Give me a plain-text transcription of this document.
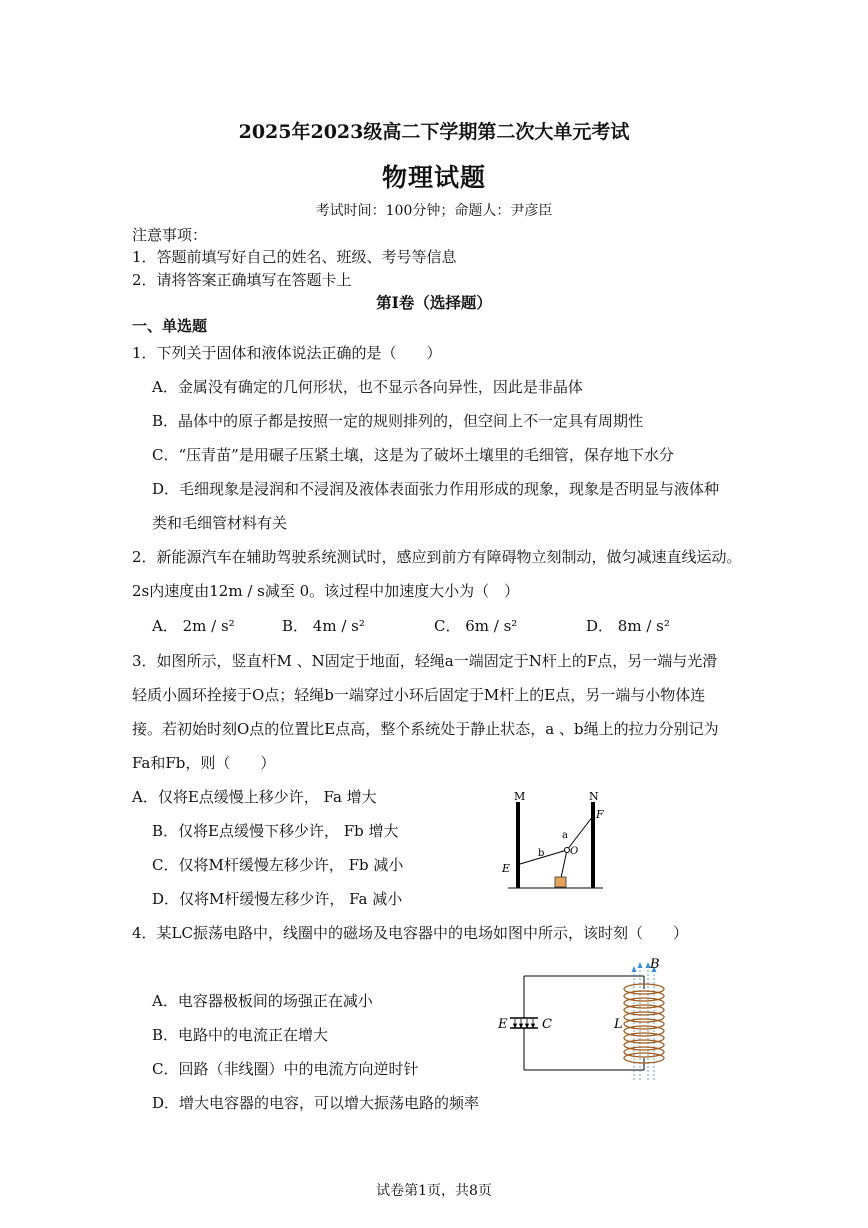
2025年2023级高二下学期第二次大单元考试
物理试题
考试时间：100分钟；命题人：尹彦臣
注意事项：
1．答题前填写好自己的姓名、班级、考号等信息
2．请将答案正确填写在答题卡上
第Ⅰ卷（选择题）
一、单选题
1．下列关于固体和液体说法正确的是（　　）
A．金属没有确定的几何形状，也不显示各向异性，因此是非晶体
B．晶体中的原子都是按照一定的规则排列的，但空间上不一定具有周期性
C．“压青苗”是用碾子压紧土壤，这是为了破坏土壤里的毛细管，保存地下水分
D．毛细现象是浸润和不浸润及液体表面张力作用形成的现象，现象是否明显与液体种
类和毛细管材料有关
2．新能源汽车在辅助驾驶系统测试时，感应到前方有障碍物立刻制动，做匀减速直线运动。
2s内速度由12m / s减至 0。该过程中加速度大小为（　）
A． 2m / s²	B． 4m / s²	C． 6m / s²	D． 8m / s²
3．如图所示，竖直杆M 、N固定于地面，轻绳a一端固定于N杆上的F点，另一端与光滑
轻质小圆环拴接于O点；轻绳b一端穿过小环后固定于M杆上的E点，另一端与小物体连
接。若初始时刻O点的位置比E点高，整个系统处于静止状态，a 、b绳上的拉力分别记为
Fa和Fb，则（　　）
A．仅将E点缓慢上移少许， Fa 增大
B．仅将E点缓慢下移少许， Fb 增大
C．仅将M杆缓慢左移少许， Fb 减小
D．仅将M杆缓慢左移少许， Fa 减小
M	N
F
a
b	O
E
4．某LC振荡电路中，线圈中的磁场及电容器中的电场如图中所示，该时刻（　　）
A．电容器极板间的场强正在减小
B．电路中的电流正在增大
C．回路（非线圈）中的电流方向逆时针
D．增大电容器的电容，可以增大振荡电路的频率
E	C	L
B
试卷第1页，共8页
